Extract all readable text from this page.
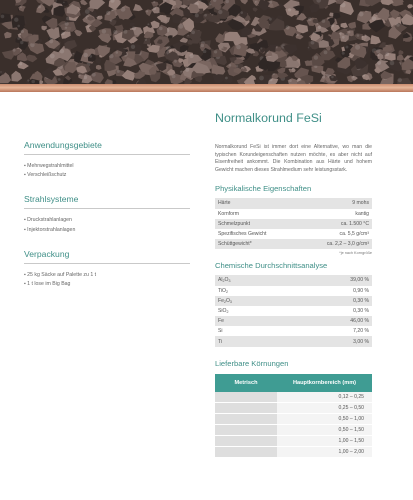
Anwendungsgebiete
▪ Mehrwegstrahlmittel
▪ Verschleißschutz
Strahlsysteme
▪ Druckstrahlanlagen
▪ Injektorstrahlanlagen
Verpackung
▪ 25 kg Säcke auf Palette zu 1 t
▪ 1 t lose im Big Bag
Normalkorund FeSi

Normalkorund FeSi ist immer dort eine Alternative, wo man die typischen Korundeigenschaften nutzen möchte, es aber nicht auf Eisenfreiheit ankommt. Die Kombination aus Härte und hohem Gewicht machen dieses Strahlmedium sehr leistungsstark.

Physikalische Eigenschaften
Härte	9 mohs
Kornform	kantig
Schmelzpunkt	ca. 1.500 °C
Spezifisches Gewicht	ca. 5,5 g/cm³
Schüttgewicht*	ca. 2,2 – 3,0 g/cm³
*je nach Korngröße
Chemische Durchschnittsanalyse
$Al_2O_3$	39,00 %
TiO$_2$	0,90 %
$Fe_2O_3$	0,30 %
SiO$_2$	0,30 %
Fe	46,00 %
Si	7,20 %
Ti	3,00 %
Lieferbare Körnungen
Metrisch	Hauptkornbereich (mm)
	0,12 – 0,25
	0,25 – 0,50
	0,50 – 1,00
	0,50 – 1,50
	1,00 – 1,50
	1,00 – 2,00
